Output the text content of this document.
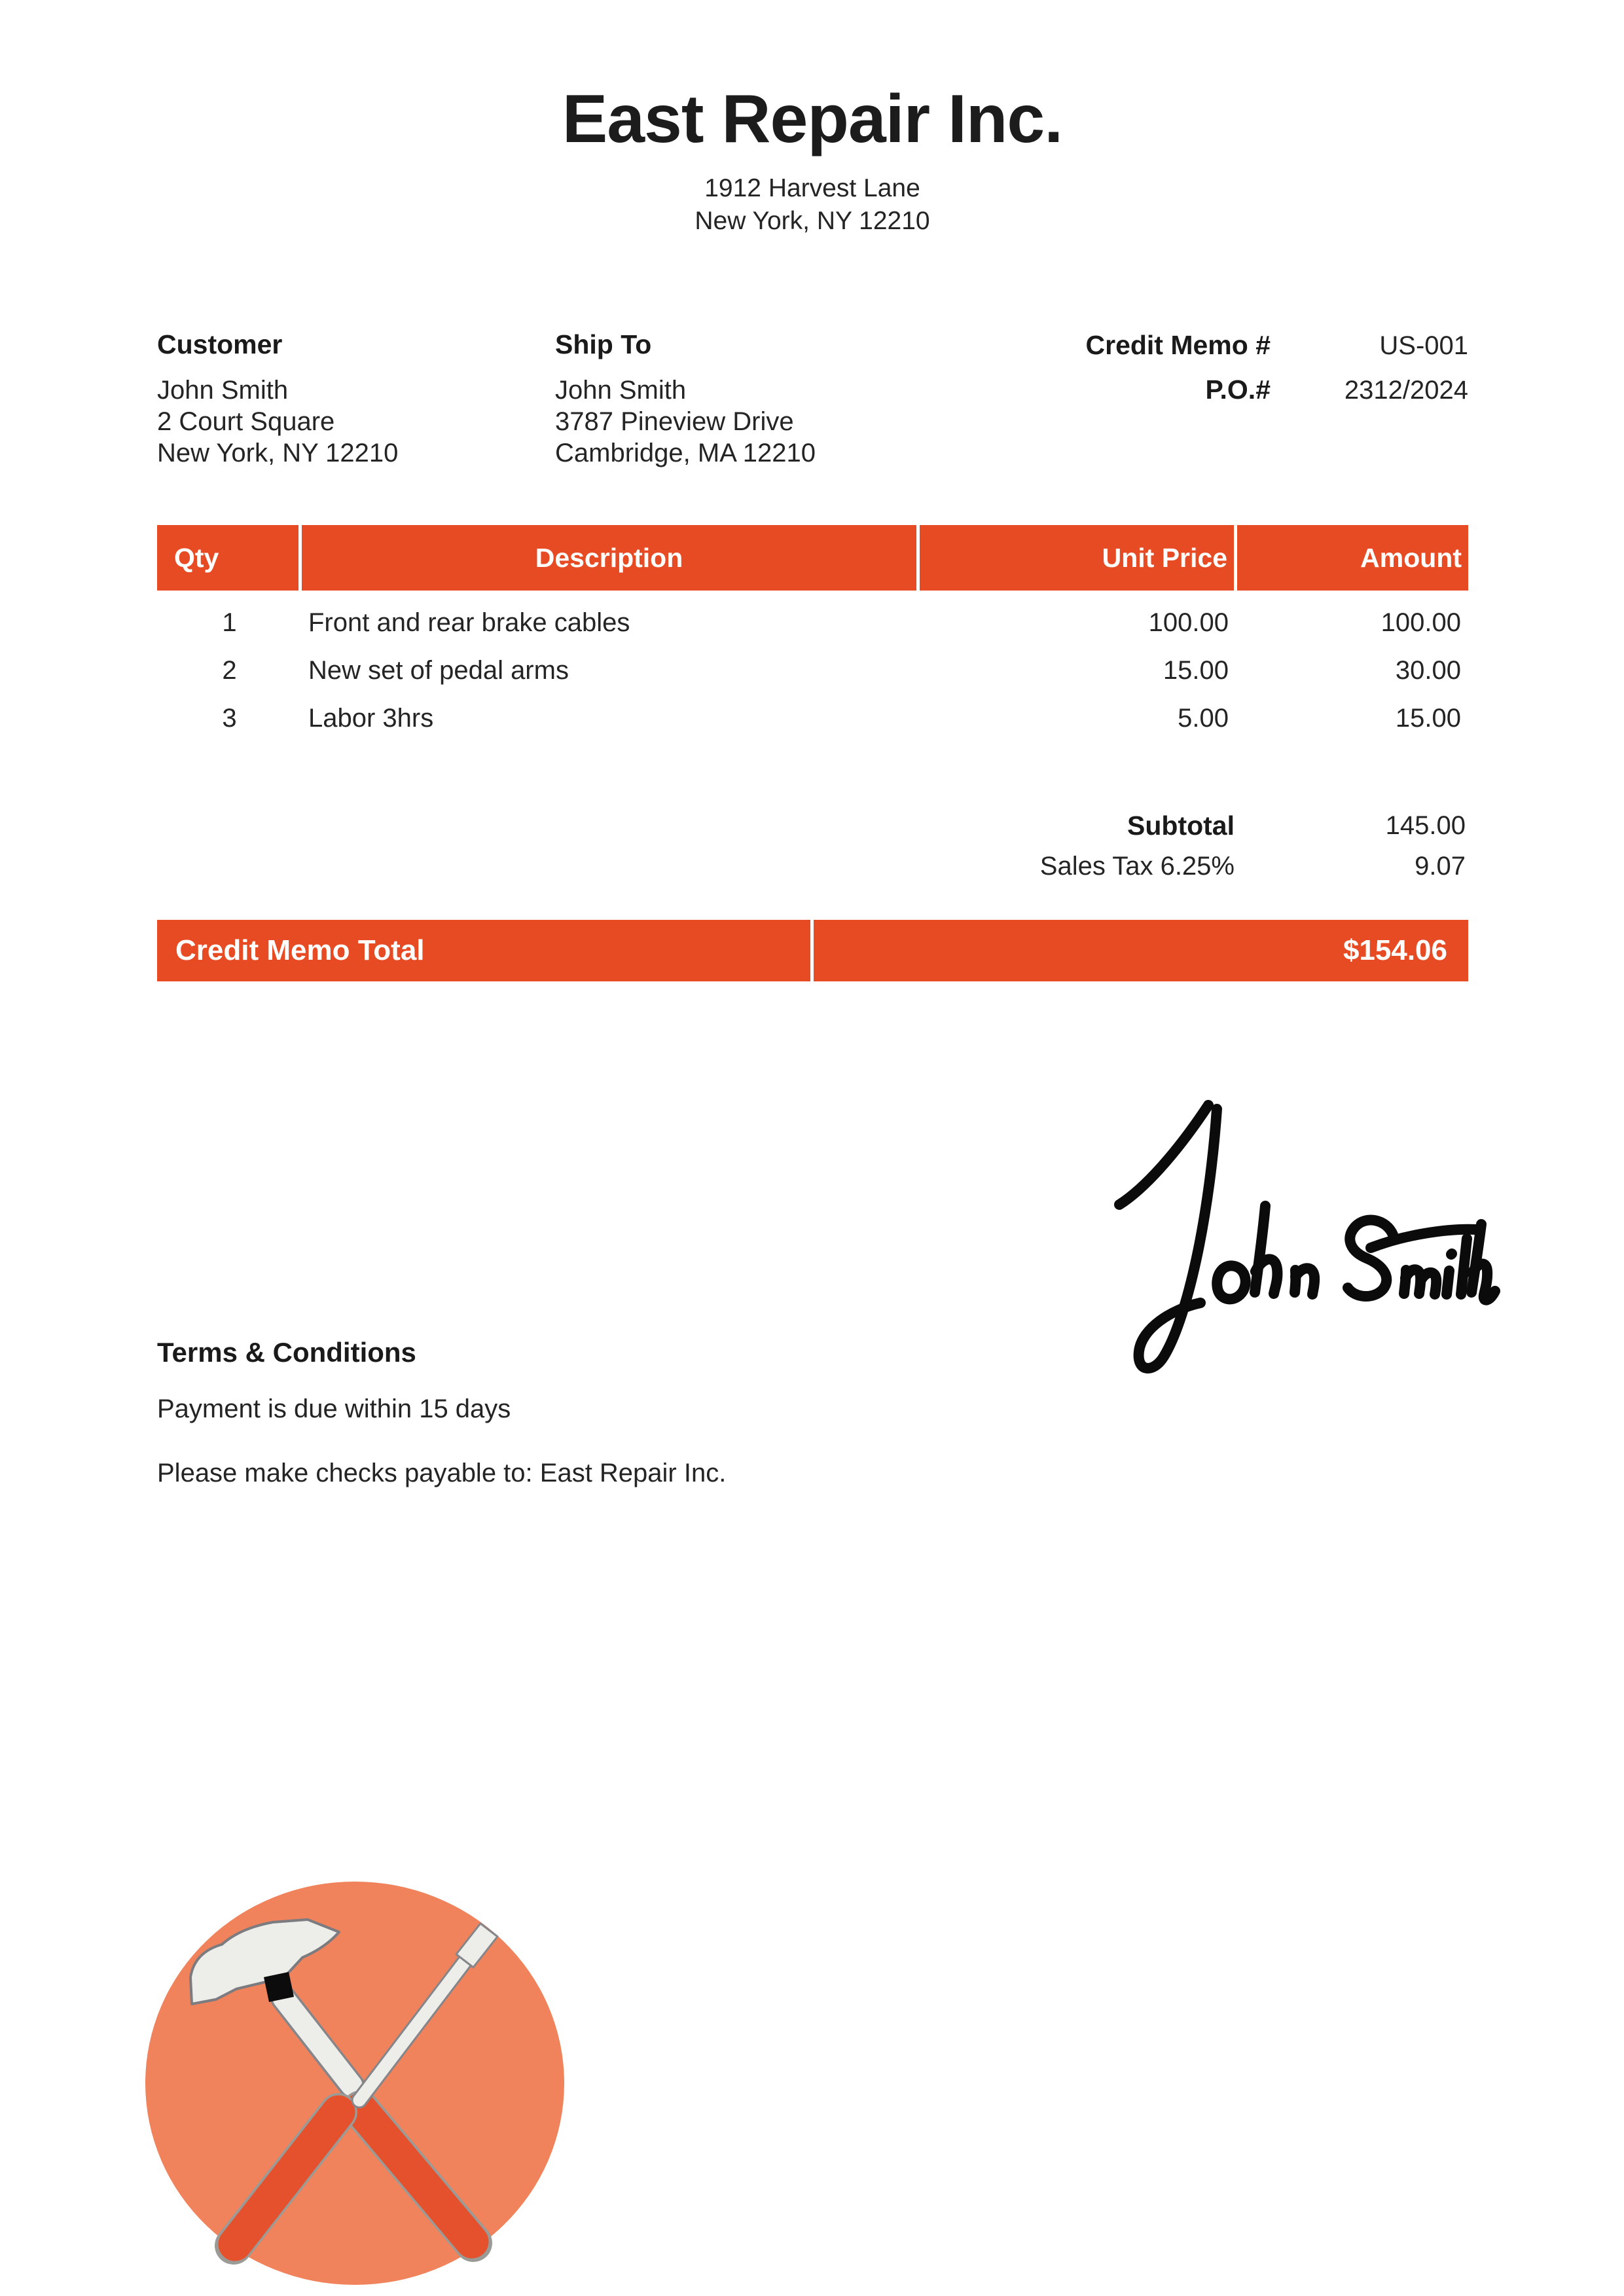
East Repair Inc.
1912 Harvest Lane
New York, NY 12210
Customer
John Smith
2 Court Square
New York, NY 12210
Ship To
John Smith
3787 Pineview Drive
Cambridge, MA 12210
Credit Memo #	US-001
P.O.#	2312/2024
Qty	Description	Unit Price	Amount
1	Front and rear brake cables	100.00	100.00
2	New set of pedal arms	15.00	30.00
3	Labor 3hrs	5.00	15.00
Subtotal	145.00
Sales Tax 6.25%	9.07
Credit Memo Total	$154.06
Terms & Conditions
Payment is due within 15 days
Please make checks payable to: East Repair Inc.
